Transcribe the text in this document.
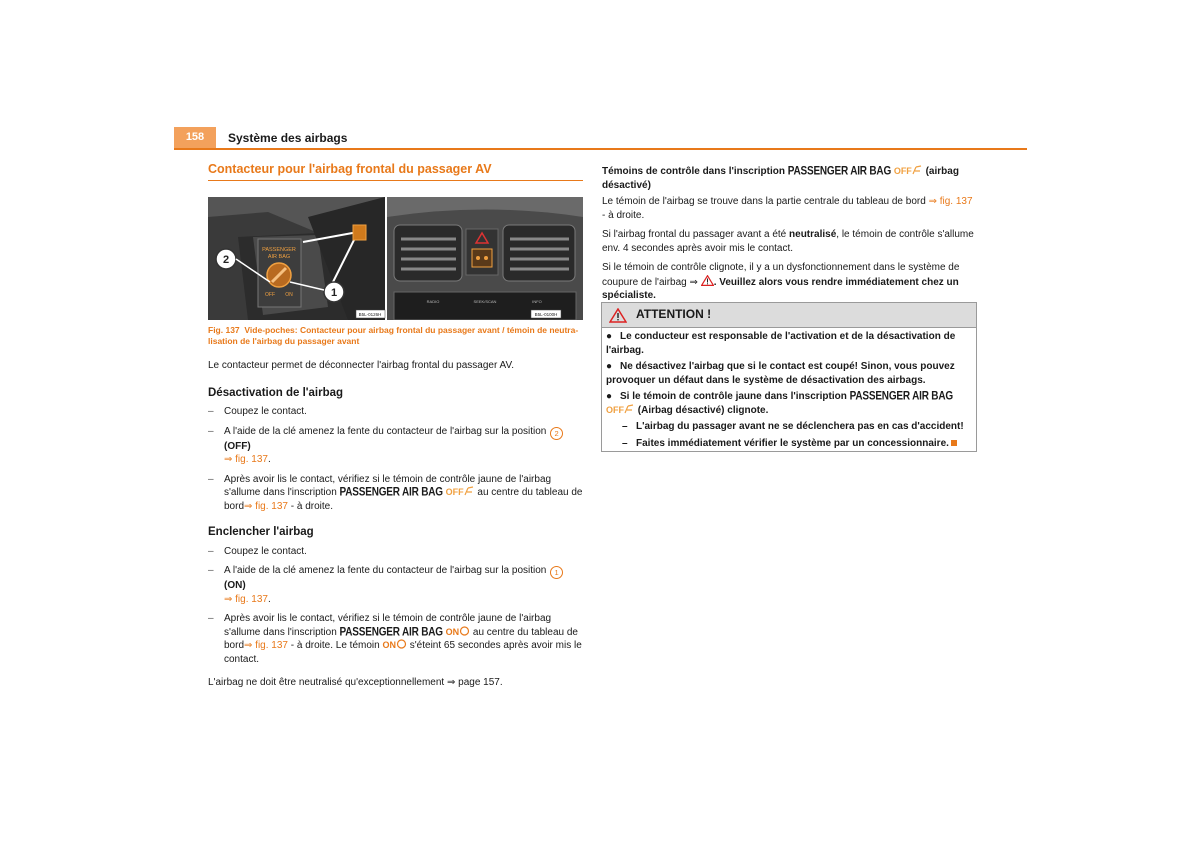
158	Système des airbags

Contacteur pour l'airbag frontal du passager AV

PASSENGER
AIR BAG
OFF ON
2
1
B5L-0126H
RADIO	SEEK/SCAN	INFO
B5L-0100H
Fig. 137 Vide-poches: Contacteur pour airbag frontal du passager avant / témoin de neutra- lisation de l'airbag du passager avant

Le contacteur permet de déconnecter l'airbag frontal du passager AV.

Désactivation de l'airbag

– Coupez le contact.
– A l'aide de la clé amenez la fente du contacteur de l'airbag sur la position 2 (OFF)
⇒ fig. 137.
– Après avoir lis le contact, vérifiez si le témoin de contrôle jaune de l'airbag s'allume dans l'inscription PASSENGER AIR BAG OFF au centre du tableau de bord⇒ fig. 137 - à droite.

Enclencher l'airbag

– Coupez le contact.
– A l'aide de la clé amenez la fente du contacteur de l'airbag sur la position 1 (ON)
⇒ fig. 137.
– Après avoir lis le contact, vérifiez si le témoin de contrôle jaune de l'airbag s'allume dans l'inscription PASSENGER AIR BAG ON au centre du tableau de bord⇒ fig. 137 - à droite. Le témoin ON s'éteint 65 secondes après avoir mis le contact.

L'airbag ne doit être neutralisé qu'exceptionnellement ⇒ page 157.

Témoins de contrôle dans l'inscription PASSENGER AIR BAG OFF (airbag désactivé)

Le témoin de l'airbag se trouve dans la partie centrale du tableau de bord ⇒ fig. 137 - à droite.

Si l'airbag frontal du passager avant a été neutralisé, le témoin de contrôle s'allume env. 4 secondes après avoir mis le contact.

Si le témoin de contrôle clignote, il y a un dysfonctionnement dans le système de coupure de l'airbag ⇒ . Veuillez alors vous rendre immédiatement chez un spécialiste.

ATTENTION !

● Le conducteur est responsable de l'activation et de la désactivation de l'airbag.

● Ne désactivez l'airbag que si le contact est coupé! Sinon, vous pouvez provoquer un défaut dans le système de désactivation des airbags.

● Si le témoin de contrôle jaune dans l'inscription PASSENGER AIR BAG OFF (Airbag désactivé) clignote.

– L'airbag du passager avant ne se déclenchera pas en cas d'accident!
– Faites immédiatement vérifier le système par un concessionnaire.
